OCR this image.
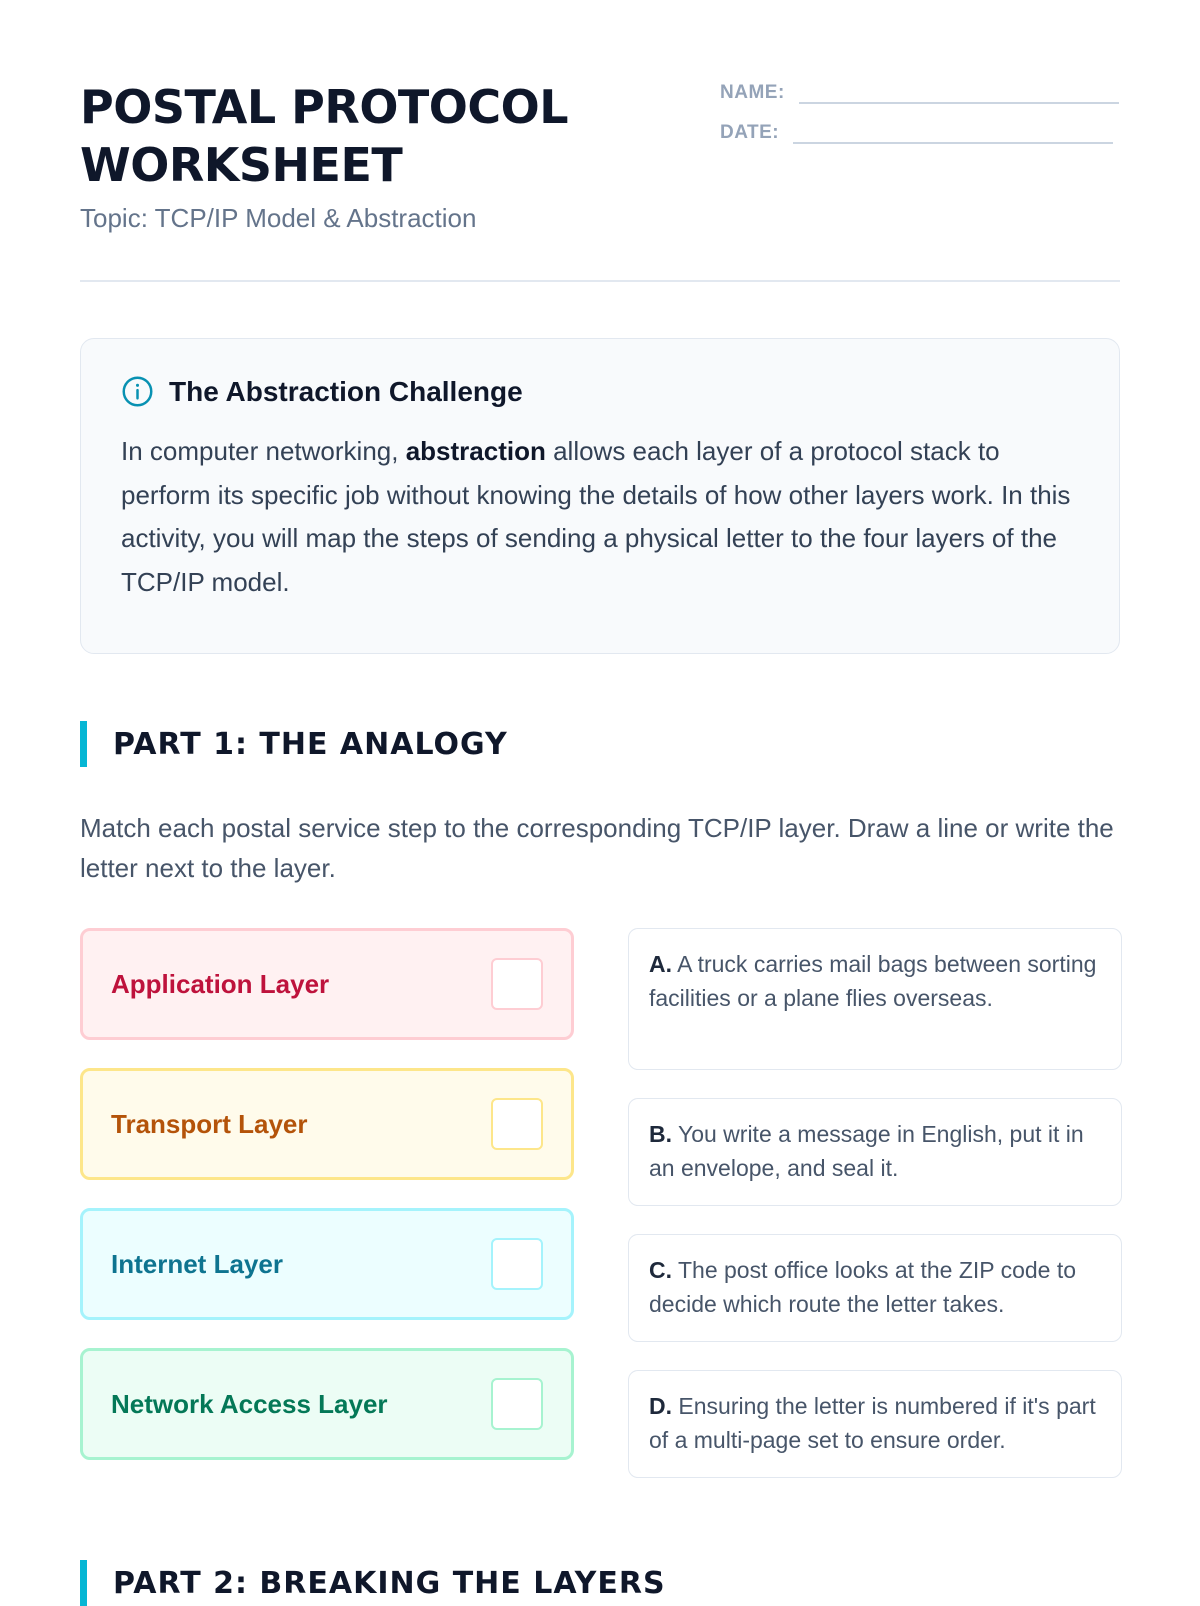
POSTAL PROTOCOL
WORKSHEET
Topic: TCP/IP Model & Abstraction
NAME:
DATE:
The Abstraction Challenge
In computer networking, abstraction allows each layer of a protocol stack to perform its specific job without knowing the details of how other layers work. In this activity, you will map the steps of sending a physical letter to the four layers of the TCP/IP model.
PART 1: THE ANALOGY
Match each postal service step to the corresponding TCP/IP layer. Draw a line or write the letter next to the layer.
Application Layer
Transport Layer
Internet Layer
Network Access Layer
A. A truck carries mail bags between sorting facilities or a plane flies overseas.
B. You write a message in English, put it in an envelope, and seal it.
C. The post office looks at the ZIP code to decide which route the letter takes.
D. Ensuring the letter is numbered if it's part of a multi-page set to ensure order.
PART 2: BREAKING THE LAYERS
